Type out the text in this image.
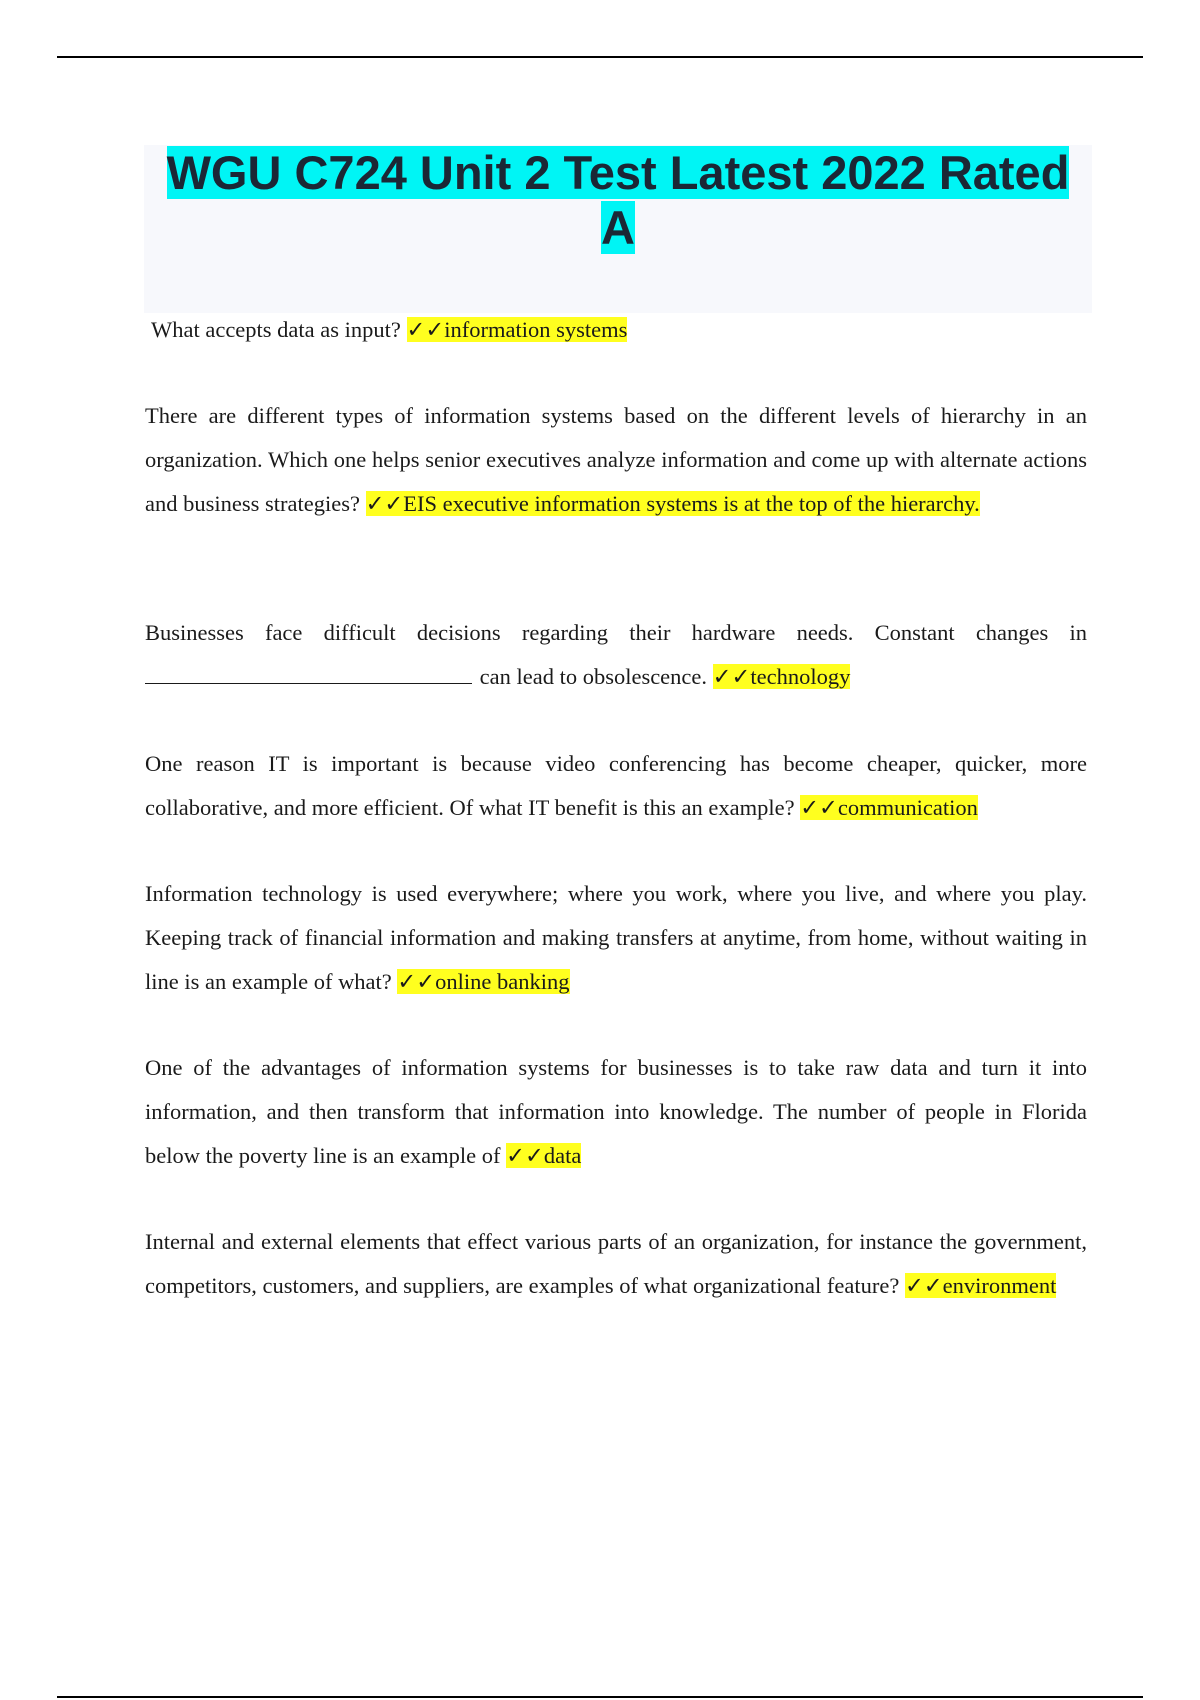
WGU C724 Unit 2 Test Latest 2022 Rated
A

What accepts data as input? ✓✓information systems

There are different types of information systems based on the different levels of hierarchy in an organization. Which one helps senior executives analyze information and come up with alternate actions and business strategies? ✓✓EIS executive information systems is at the top of the hierarchy.

Businesses face difficult decisions regarding their hardware needs. Constant changes in  can lead to obsolescence. ✓✓technology

One reason IT is important is because video conferencing has become cheaper, quicker, more collaborative, and more efficient. Of what IT benefit is this an example? ✓✓communication

Information technology is used everywhere; where you work, where you live, and where you play. Keeping track of financial information and making transfers at anytime, from home, without waiting in line is an example of what? ✓✓online banking

One of the advantages of information systems for businesses is to take raw data and turn it into information, and then transform that information into knowledge. The number of people in Florida below the poverty line is an example of ✓✓data

Internal and external elements that effect various parts of an organization, for instance the government, competitors, customers, and suppliers, are examples of what organizational feature? ✓✓environment
